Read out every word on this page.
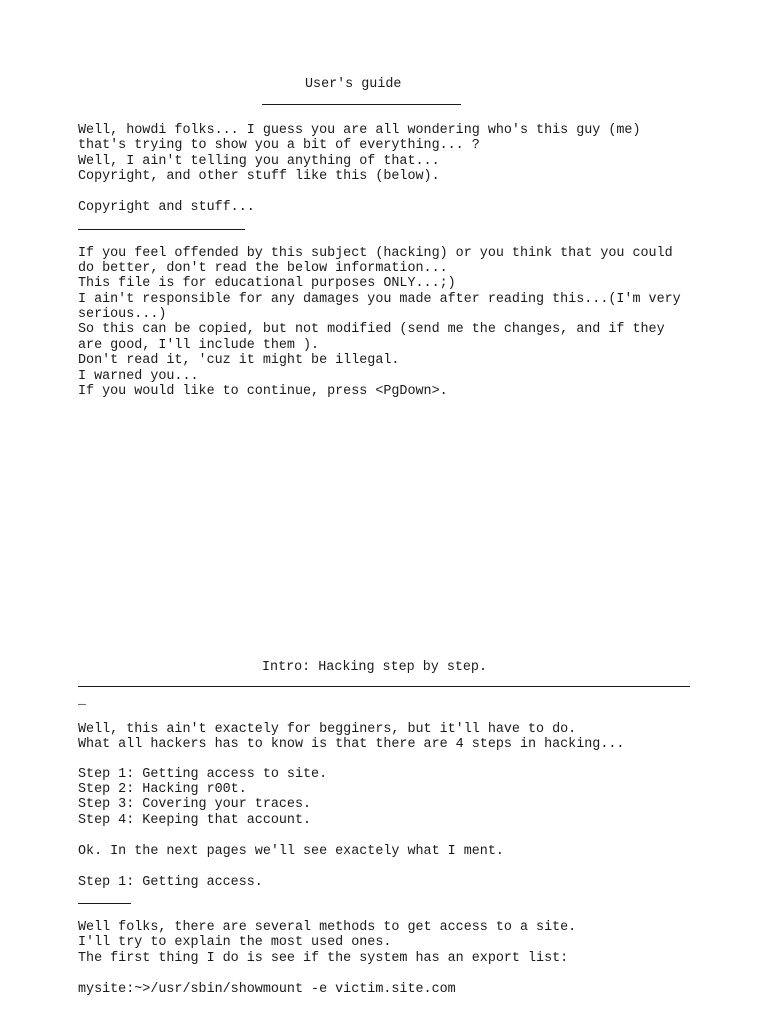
User's guide
Well, howdi folks... I guess you are all wondering who's this guy (me)
that's trying to show you a bit of everything... ?
Well, I ain't telling you anything of that...
Copyright, and other stuff like this (below).
Copyright and stuff...
If you feel offended by this subject (hacking) or you think that you could
do better, don't read the below information...
This file is for educational purposes ONLY...;)
I ain't responsible for any damages you made after reading this...(I'm very
serious...)
So this can be copied, but not modified (send me the changes, and if they
are good, I'll include them ).
Don't read it, 'cuz it might be illegal.
I warned you...
If you would like to continue, press <PgDown>.
Intro: Hacking step by step.
_
Well, this ain't exactely for begginers, but it'll have to do.
What all hackers has to know is that there are 4 steps in hacking...
Step 1: Getting access to site.
Step 2: Hacking r00t.
Step 3: Covering your traces.
Step 4: Keeping that account.
Ok. In the next pages we'll see exactely what I ment.
Step 1: Getting access.
Well folks, there are several methods to get access to a site.
I'll try to explain the most used ones.
The first thing I do is see if the system has an export list:
mysite:~>/usr/sbin/showmount -e victim.site.com
